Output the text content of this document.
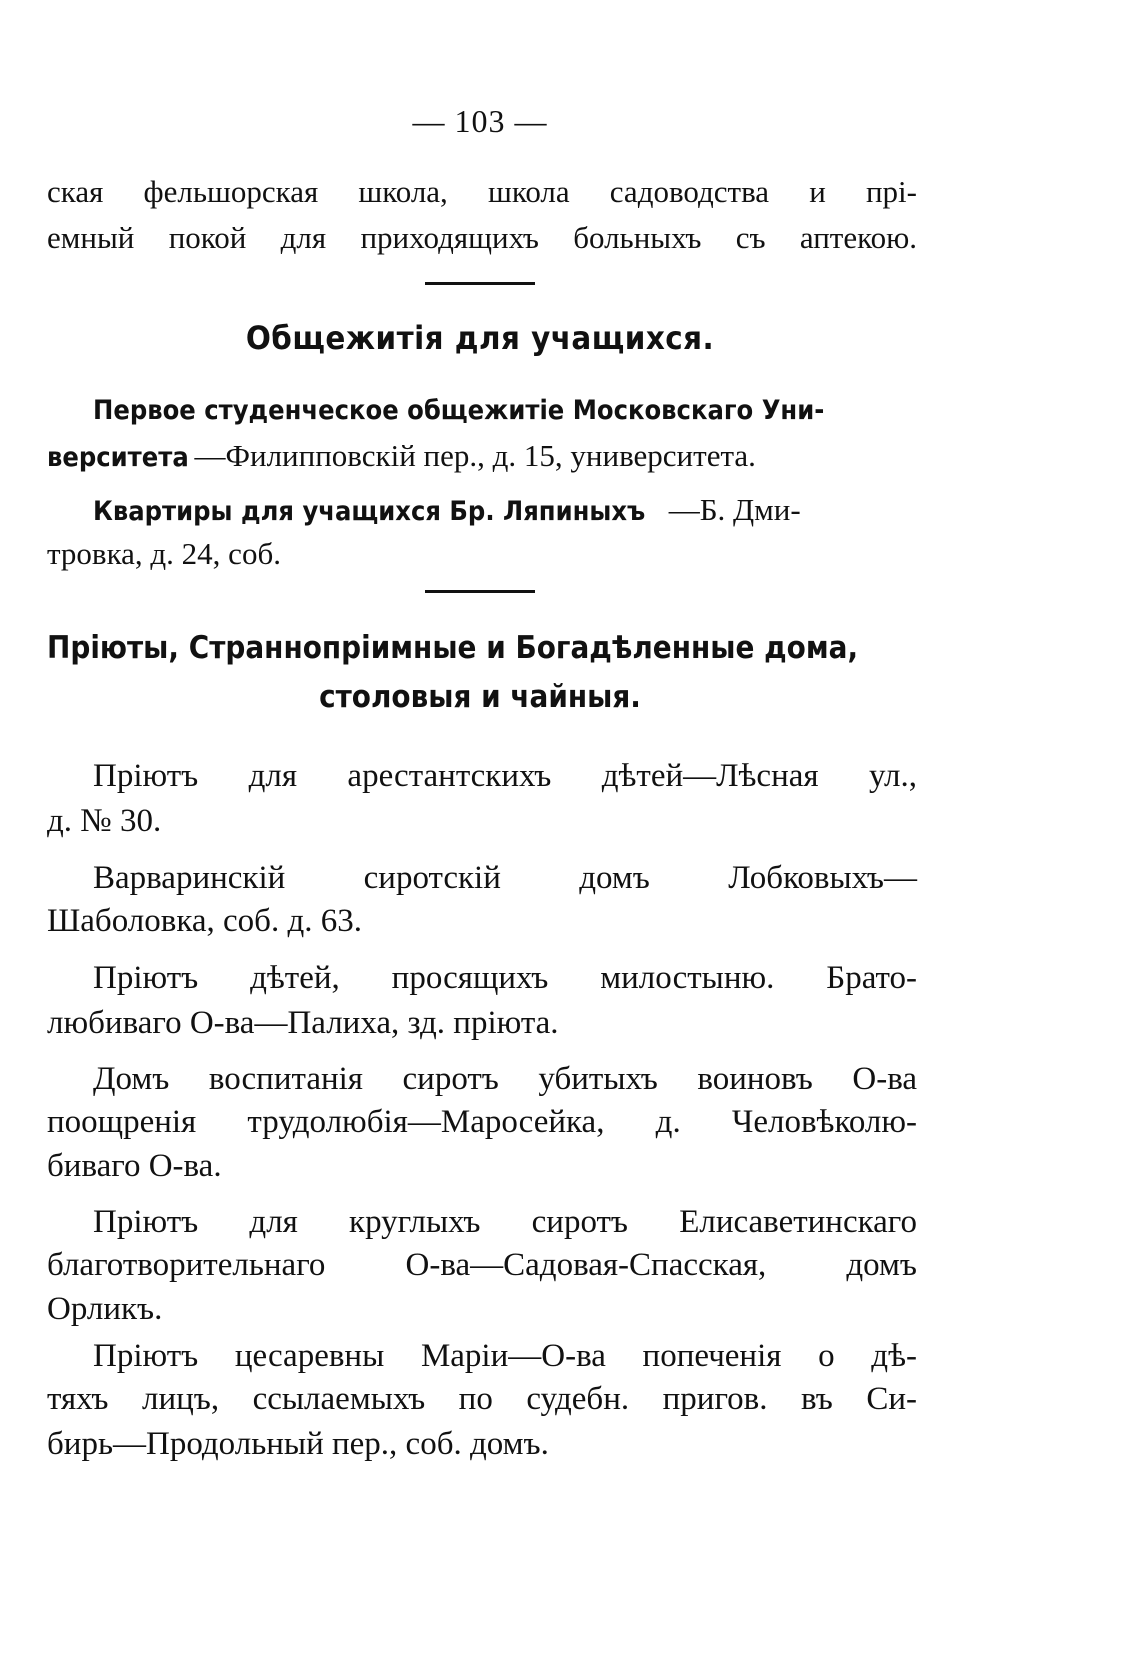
— 103 —
ская фельшорская школа, школа садоводства и прі-
емный покой для приходящихъ больныхъ съ аптекою.
Общежитія для учащихся.
Первое студенческое общежитіе Московскаго Уни-
верситета —Филипповскій пер., д. 15, университета.
Квартиры для учащихся Бр. Ляпиныхъ —Б. Дми-
тровка, д. 24, соб.
Пріюты, Страннопріимные и Богадѣленные дома,
столовыя и чайныя.
Пріютъ для арестантскихъ дѣтей—Лѣсная ул.,
д. № 30.
Варваринскій сиротскій домъ Лобковыхъ—
Шаболовка, соб. д. 63.
Пріютъ дѣтей, просящихъ милостыню. Брато-
любиваго О-ва—Палиха, зд. пріюта.
Домъ воспитанія сиротъ убитыхъ воиновъ О-ва
поощренія трудолюбія—Маросейка, д. Человѣколю-
биваго О-ва.
Пріютъ для круглыхъ сиротъ Елисаветинскаго
благотворительнаго О-ва—Садовая-Спасская, домъ
Орликъ.
Пріютъ цесаревны Маріи—О-ва попеченія о дѣ-
тяхъ лицъ, ссылаемыхъ по судебн. пригов. въ Си-
бирь—Продольный пер., соб. домъ.
